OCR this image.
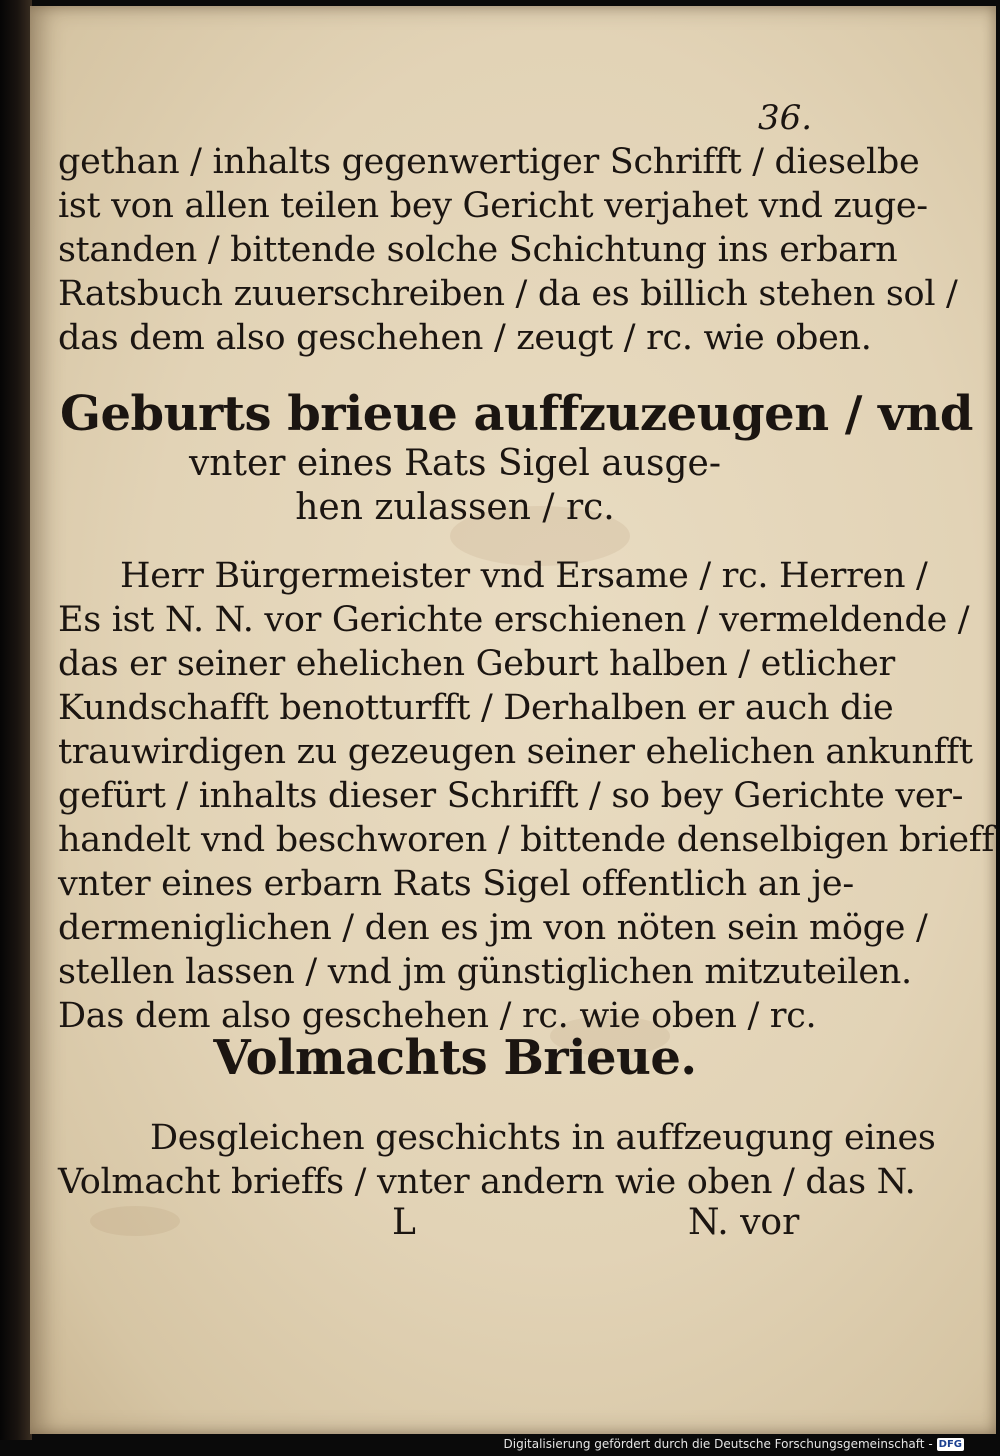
36.
gethan / inhalts gegenwertiger Schrifft / dieselbe
ist von allen teilen bey Gericht verjahet vnd zuge-
standen / bittende solche Schichtung ins erbarn
Ratsbuch zuuerschreiben / da es billich stehen sol /
das dem also geschehen / zeugt / rc. wie oben.
Geburts brieue auffzuzeugen / vnd
vnter eines Rats Sigel ausge-
hen zulassen / rc.
Herr Bürgermeister vnd Ersame / rc. Herren /
Es ist N. N. vor Gerichte erschienen / vermeldende /
das er seiner ehelichen Geburt halben / etlicher
Kundschafft benotturfft / Derhalben er auch die
trauwirdigen zu gezeugen seiner ehelichen ankunfft
gefürt / inhalts dieser Schrifft / so bey Gerichte ver-
handelt vnd beschworen / bittende denselbigen brieff
vnter eines erbarn Rats Sigel offentlich an je-
dermeniglichen / den es jm von nöten sein möge /
stellen lassen / vnd jm günstiglichen mitzuteilen.
Das dem also geschehen / rc. wie oben / rc.
Volmachts Brieue.
Desgleichen geschichts in auffzeugung eines
Volmacht brieffs / vnter andern wie oben / das N.
L	N. vor
Digitalisierung gefördert durch die Deutsche Forschungsgemeinschaft - DFG
